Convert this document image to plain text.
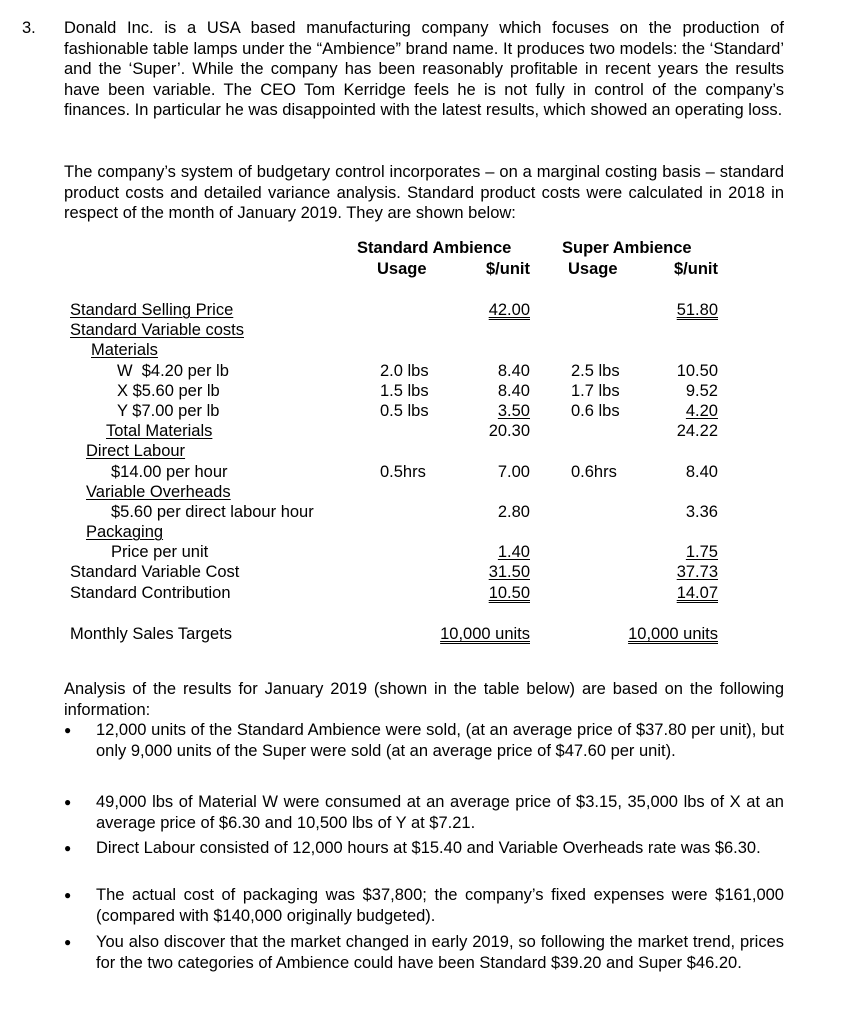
3. Donald Inc. is a USA based manufacturing company which focuses on the production of fashionable table lamps under the “Ambience” brand name. It produces two models: the ‘Standard’ and the ‘Super’. While the company has been reasonably profitable in recent years the results have been variable. The CEO Tom Kerridge feels he is not fully in control of the company’s finances. In particular he was disappointed with the latest results, which showed an operating loss.
The company’s system of budgetary control incorporates – on a marginal costing basis – standard product costs and detailed variance analysis. Standard product costs were calculated in 2018 in respect of the month of January 2019. They are shown below:
Standard Ambience	Super Ambience
Usage	$/unit Usage	$/unit
Standard Selling Price	42.00	51.80
Standard Variable costs
Materials
W  $4.20 per lb	2.0 lbs	8.40 2.5 lbs	10.50
X $5.60 per lb	1.5 lbs	8.40 1.7 lbs	9.52
Y $7.00 per lb	0.5 lbs	3.50 0.6 lbs	4.20
Total Materials	20.30	24.22
Direct Labour
$14.00 per hour	0.5hrs	7.00 0.6hrs	8.40
Variable Overheads
$5.60 per direct labour hour	2.80	3.36
Packaging
Price per unit	1.40	1.75
Standard Variable Cost	31.50	37.73
Standard Contribution	10.50	14.07
Monthly Sales Targets	10,000 units	10,000 units
Analysis of the results for January 2019 (shown in the table below) are based on the following information:
● 12,000 units of the Standard Ambience were sold, (at an average price of $37.80 per unit), but only 9,000 units of the Super were sold (at an average price of $47.60 per unit).
● 49,000 lbs of Material W were consumed at an average price of $3.15, 35,000 lbs of X at an average price of $6.30 and 10,500 lbs of Y at $7.21.
● Direct Labour consisted of 12,000 hours at $15.40 and Variable Overheads rate was $6.30.
● The actual cost of packaging was $37,800; the company’s fixed expenses were $161,000 (compared with $140,000 originally budgeted).
● You also discover that the market changed in early 2019, so following the market trend, prices for the two categories of Ambience could have been Standard $39.20 and Super $46.20.
